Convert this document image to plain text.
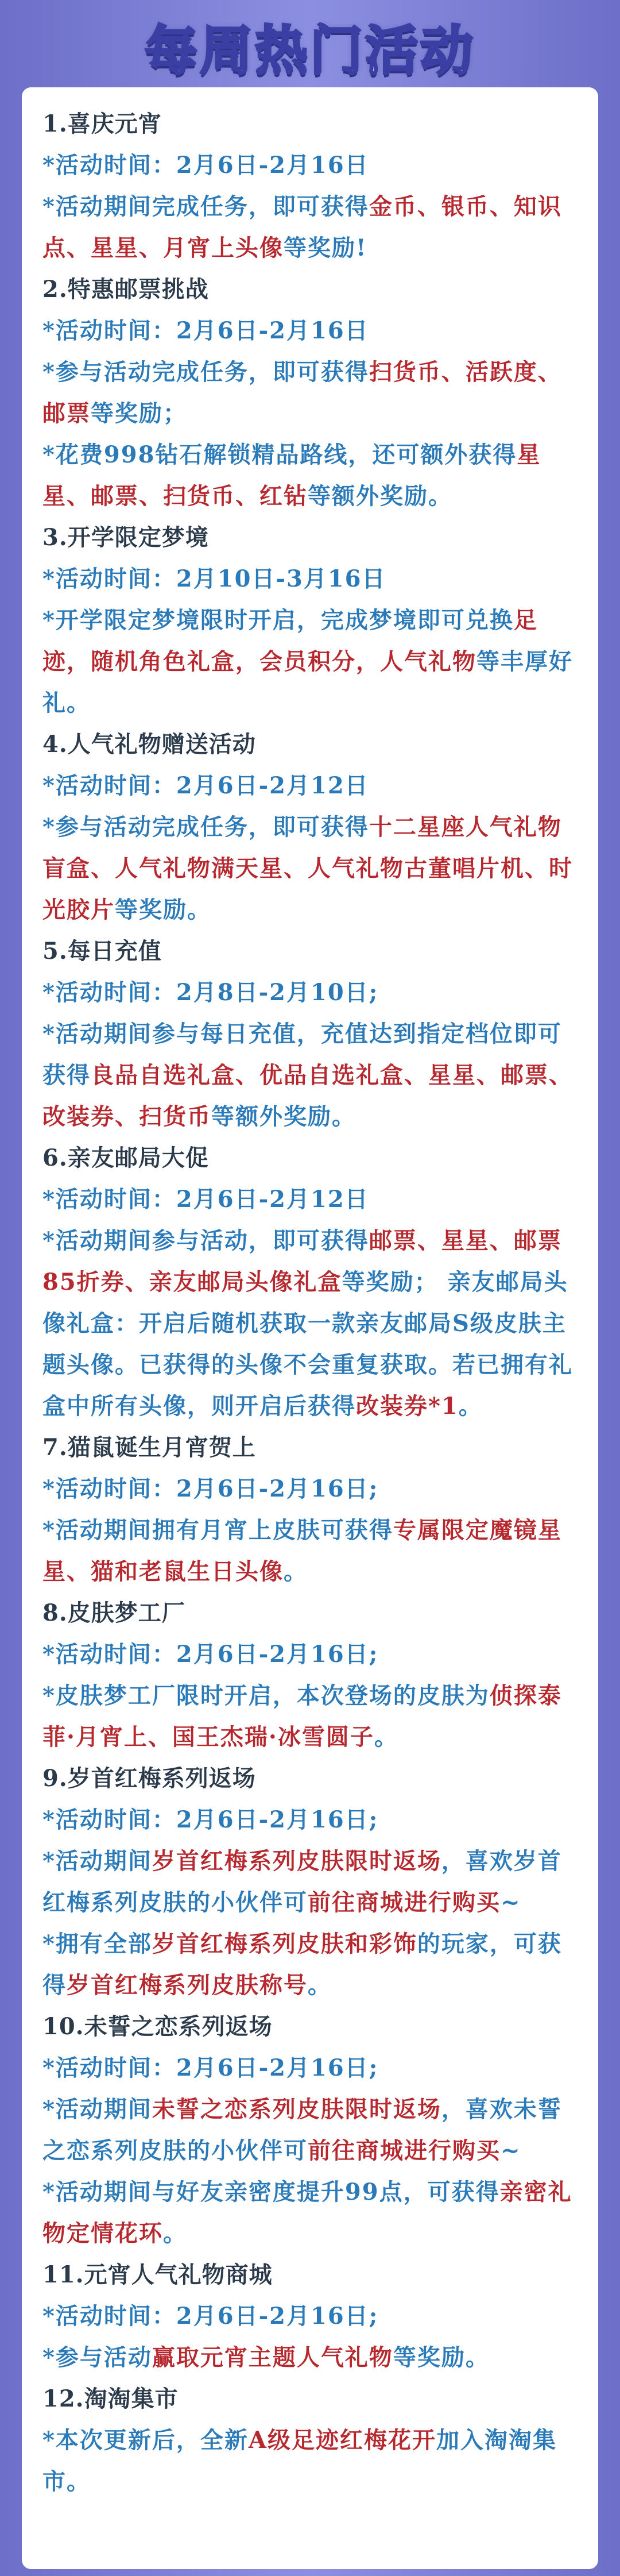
每周热门活动
1.喜庆元宵
*活动时间：2月6日-2月16日
*活动期间完成任务，即可获得金币、银币、知识点、星星、月宵上头像等奖励!
2.特惠邮票挑战
*活动时间：2月6日-2月16日
*参与活动完成任务，即可获得扫货币、活跃度、邮票等奖励；
*花费998钻石解锁精品路线，还可额外获得星星、邮票、扫货币、红钻等额外奖励。
3.开学限定梦境
*活动时间：2月10日-3月16日
*开学限定梦境限时开启，完成梦境即可兑换足迹，随机角色礼盒，会员积分，人气礼物等丰厚好礼。
4.人气礼物赠送活动
*活动时间：2月6日-2月12日
*参与活动完成任务，即可获得十二星座人气礼物盲盒、人气礼物满天星、人气礼物古董唱片机、时光胶片等奖励。
5.每日充值
*活动时间：2月8日-2月10日;
*活动期间参与每日充值，充值达到指定档位即可获得良品自选礼盒、优品自选礼盒、星星、邮票、改装券、扫货币等额外奖励。
6.亲友邮局大促
*活动时间：2月6日-2月12日
*活动期间参与活动，即可获得邮票、星星、邮票85折券、亲友邮局头像礼盒等奖励； 亲友邮局头像礼盒：开启后随机获取一款亲友邮局S级皮肤主题头像。已获得的头像不会重复获取。若已拥有礼盒中所有头像，则开启后获得改装券*1。
7.猫鼠诞生月宵贺上
*活动时间：2月6日-2月16日;
*活动期间拥有月宵上皮肤可获得专属限定魔镜星星、猫和老鼠生日头像。
8.皮肤梦工厂
*活动时间：2月6日-2月16日;
*皮肤梦工厂限时开启，本次登场的皮肤为侦探泰菲·月宵上、国王杰瑞·冰雪圆子。
9.岁首红梅系列返场
*活动时间：2月6日-2月16日;
*活动期间岁首红梅系列皮肤限时返场，喜欢岁首红梅系列皮肤的小伙伴可前往商城进行购买~
*拥有全部岁首红梅系列皮肤和彩饰的玩家，可获得岁首红梅系列皮肤称号。
10.未誓之恋系列返场
*活动时间：2月6日-2月16日;
*活动期间未誓之恋系列皮肤限时返场，喜欢未誓之恋系列皮肤的小伙伴可前往商城进行购买~
*活动期间与好友亲密度提升99点，可获得亲密礼物定情花环。
11.元宵人气礼物商城
*活动时间：2月6日-2月16日;
*参与活动赢取元宵主题人气礼物等奖励。
12.淘淘集市
*本次更新后，全新A级足迹红梅花开加入淘淘集市。
